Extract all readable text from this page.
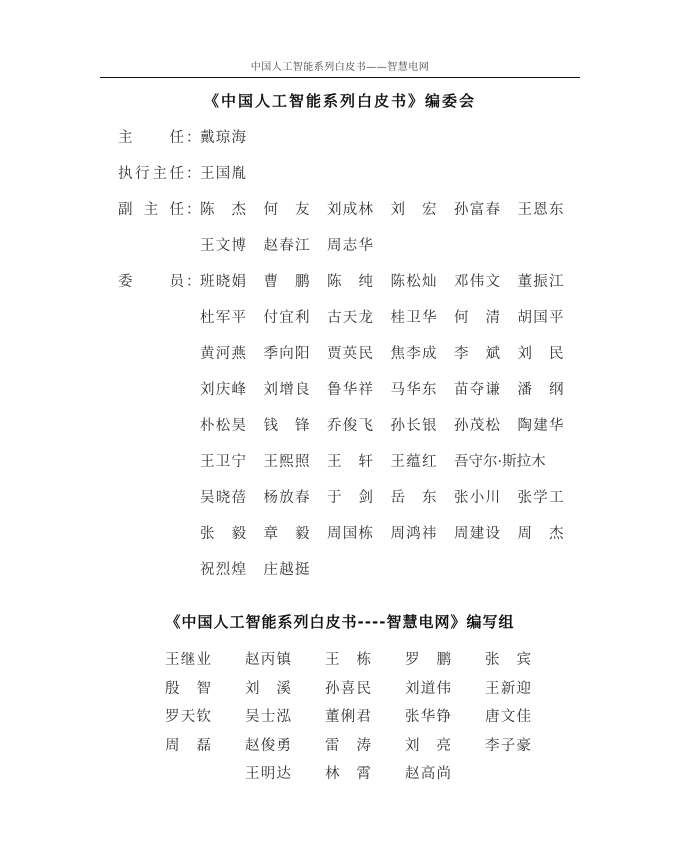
中国人工智能系列白皮书——智慧电网
《中国人工智能系列白皮书》编委会
主	任 ： 戴 琼 海
执 行 主 任 ： 王 国 胤
副 主 任 ： 陈 杰 何 友 刘 成 林 刘 宏 孙 富 春 王 恩 东
王 文 博 赵 春 江 周 志 华
委	员 ： 班 晓 娟 曹 鹏 陈 纯 陈 松 灿 邓 伟 文 董 振 江
杜 军 平 付 宜 利 古 天 龙 桂 卫 华 何 清 胡 国 平
黄 河 燕 季 向 阳 贾 英 民 焦 李 成 李 斌 刘 民
刘 庆 峰 刘 增 良 鲁 华 祥 马 华 东 苗 夺 谦 潘 纲
朴 松 昊 钱 锋 乔 俊 飞 孙 长 银 孙 茂 松 陶 建 华
王 卫 宁 王 熙 照 王 轩 王 蕴 红 吾守尔·斯拉木
吴 晓 蓓 杨 放 春 于 剑 岳 东 张 小 川 张 学 工
张 毅 章 毅 周 国 栋 周 鸿 祎 周 建 设 周 杰
祝 烈 煌 庄 越 挺
《中国人工智能系列白皮书----智慧电网》编写组
王 继 业 赵 丙 镇 王 栋 罗 鹏 张 宾
殷 智 刘 溪 孙 喜 民 刘 道 伟 王 新 迎
罗 天 钦 吴 士 泓 董 俐 君 张 华 铮 唐 文 佳
周 磊 赵 俊 勇 雷 涛 刘 亮 李 子 豪
王 明 达 林 霄 赵 高 尚
